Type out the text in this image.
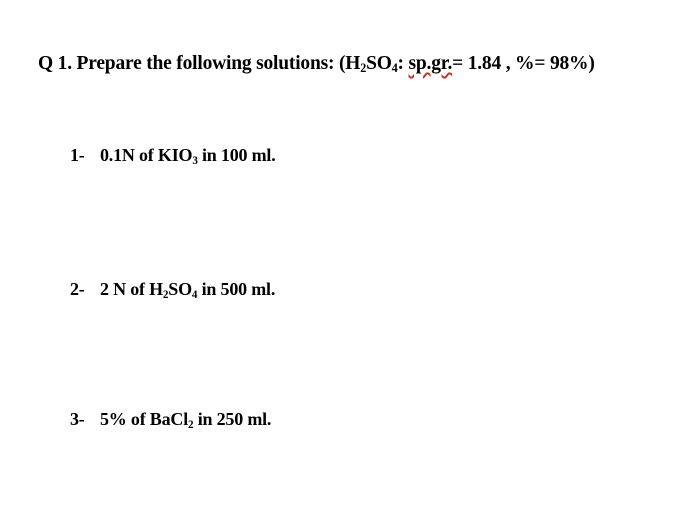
Q 1. Prepare the following solutions: ($H_2SO_4$: sp.gr.= 1.84 , %= 98%)
1- 0.1N of $KIO_3$ in 100 ml.
2- 2 N of $H_2SO_4$ in 500 ml.
3- 5% of BaCl$_2$ in 250 ml.
